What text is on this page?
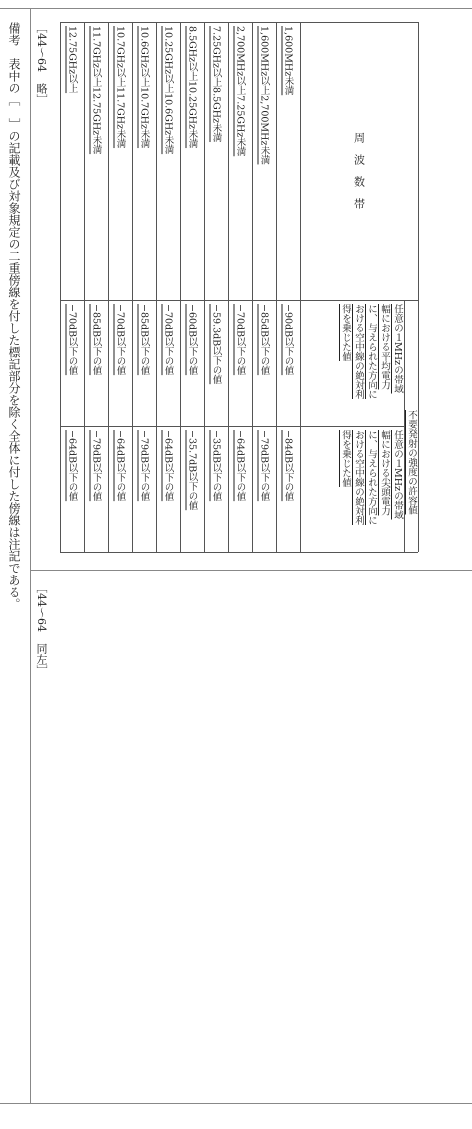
備考　表中の［　］の記載及び対象規定の二重傍線を付した標記部分を除く全体に付した傍線は注記である。 ［44～64　略］
［44～64　同左］
周　波　数　帯
不要発射の強度の許容値
任意の１MHzの帯域
幅における平均電力
に、与えられた方向に
おける空中線の絶対利
得を乗じた値
任意の１MHzの帯域
幅における尖頭電力
に、与えられた方向に
おける空中線の絶対利
得を乗じた値
1,600MHz未満
−90dB以下の値
−84dB以下の値
1,600MHz以上2,700MHz未満
−85dB以下の値
−79dB以下の値
2,700MHz以上7.25GHz未満
−70dB以下の値
−64dB以下の値
7.25GHz以上8.5GHz未満
−59.3dB以下の値
−35dB以下の値
8.5GHz以上10.25GHz未満
−60dB以下の値
−35.7dB以下の値
10.25GHz以上10.6GHz未満
−70dB以下の値
−64dB以下の値
10.6GHz以上10.7GHz未満
−85dB以下の値
−79dB以下の値
10.7GHz以上11.7GHz未満
−70dB以下の値
−64dB以下の値
11.7GHz以上12.75GHz未満
−85dB以下の値
−79dB以下の値
12.75GHz以上
−70dB以下の値
−64dB以下の値
